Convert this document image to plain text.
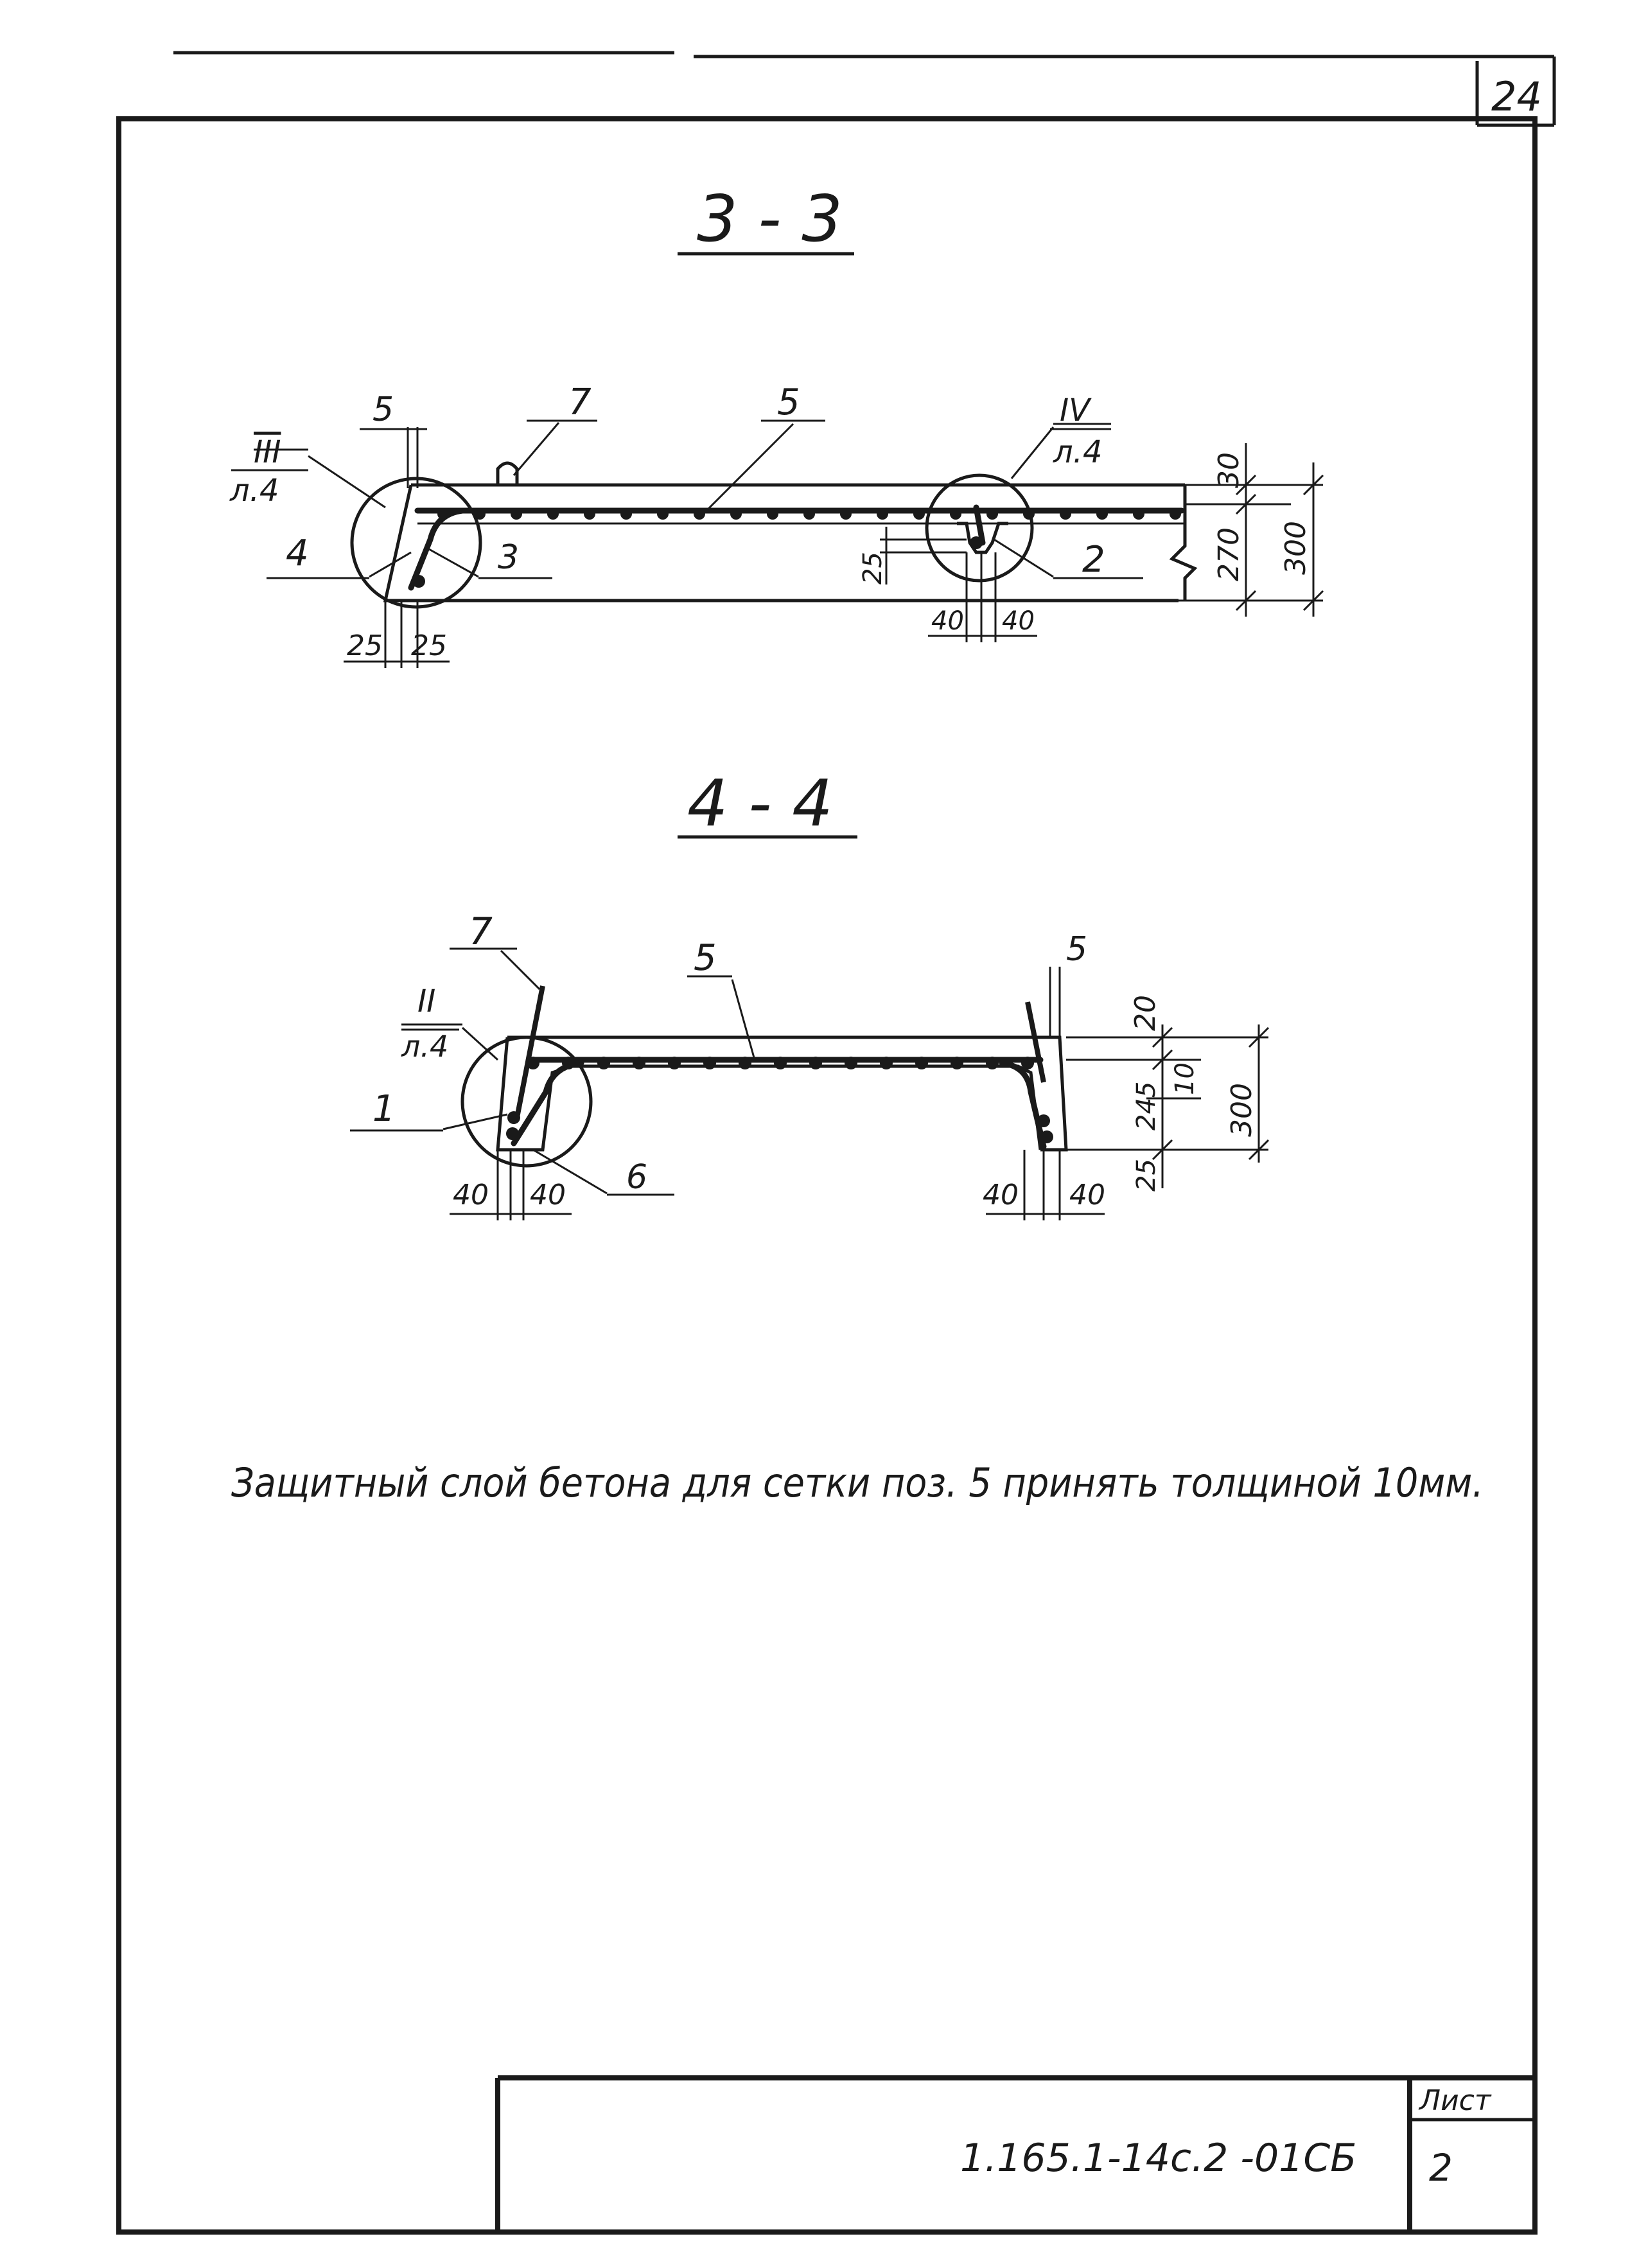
24
Лист
2
1.165.1-14с.2 -01СБ
3 - 3
III
л.4
IV
л.4
5	7	5
4	3	2
25 25
40 40
25
30
270 300
4 - 4
II
л.4
7
5	5
1
6
40 40	40 40
20
245
10
25
300
Защитный слой бетона для сетки поз. 5 принять толщиной 10мм.
